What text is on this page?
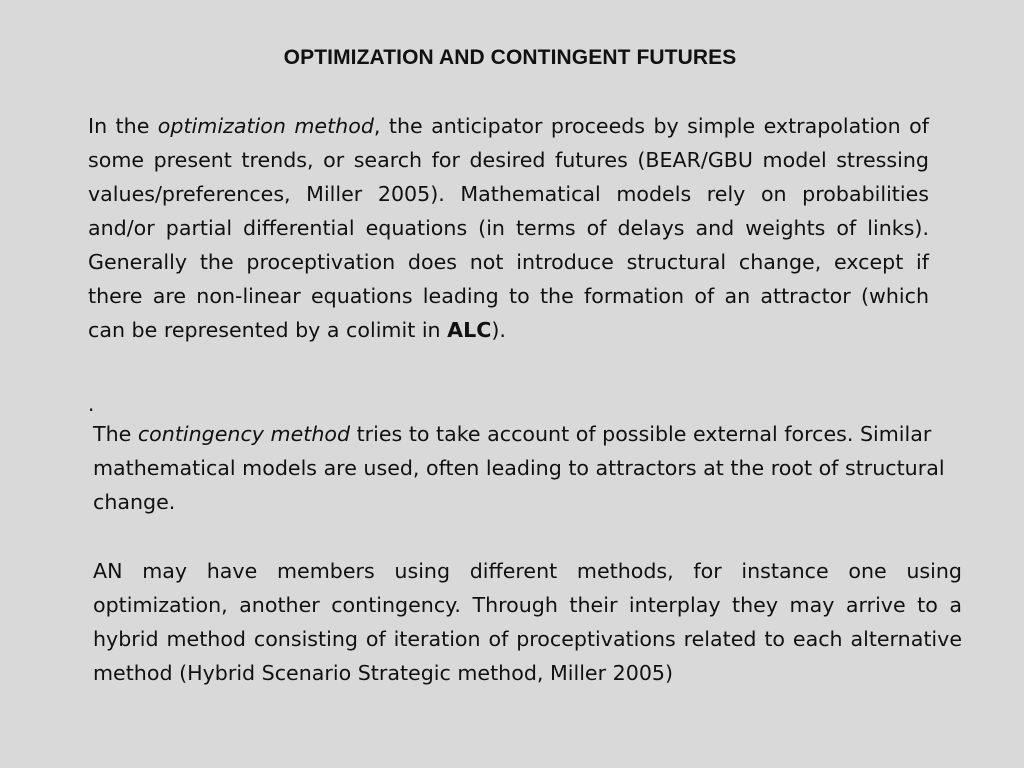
OPTIMIZATION AND CONTINGENT FUTURES

In the optimization method, the anticipator proceeds by simple extrapolation of some present trends, or search for desired futures (BEAR/GBU model stressing values/preferences, Miller 2005). Mathematical models rely on probabilities and/or partial differential equations (in terms of delays and weights of links). Generally the proceptivation does not introduce structural change, except if there are non-linear equations leading to the formation of an attractor (which can be represented by a colimit in ALC).

.

The contingency method tries to take account of possible external forces. Similar mathematical models are used, often leading to attractors at the root of structural change.

AN may have members using different methods, for instance one using optimization, another contingency. Through their interplay they may arrive to a hybrid method consisting of iteration of proceptivations related to each alternative method (Hybrid Scenario Strategic method, Miller 2005)
